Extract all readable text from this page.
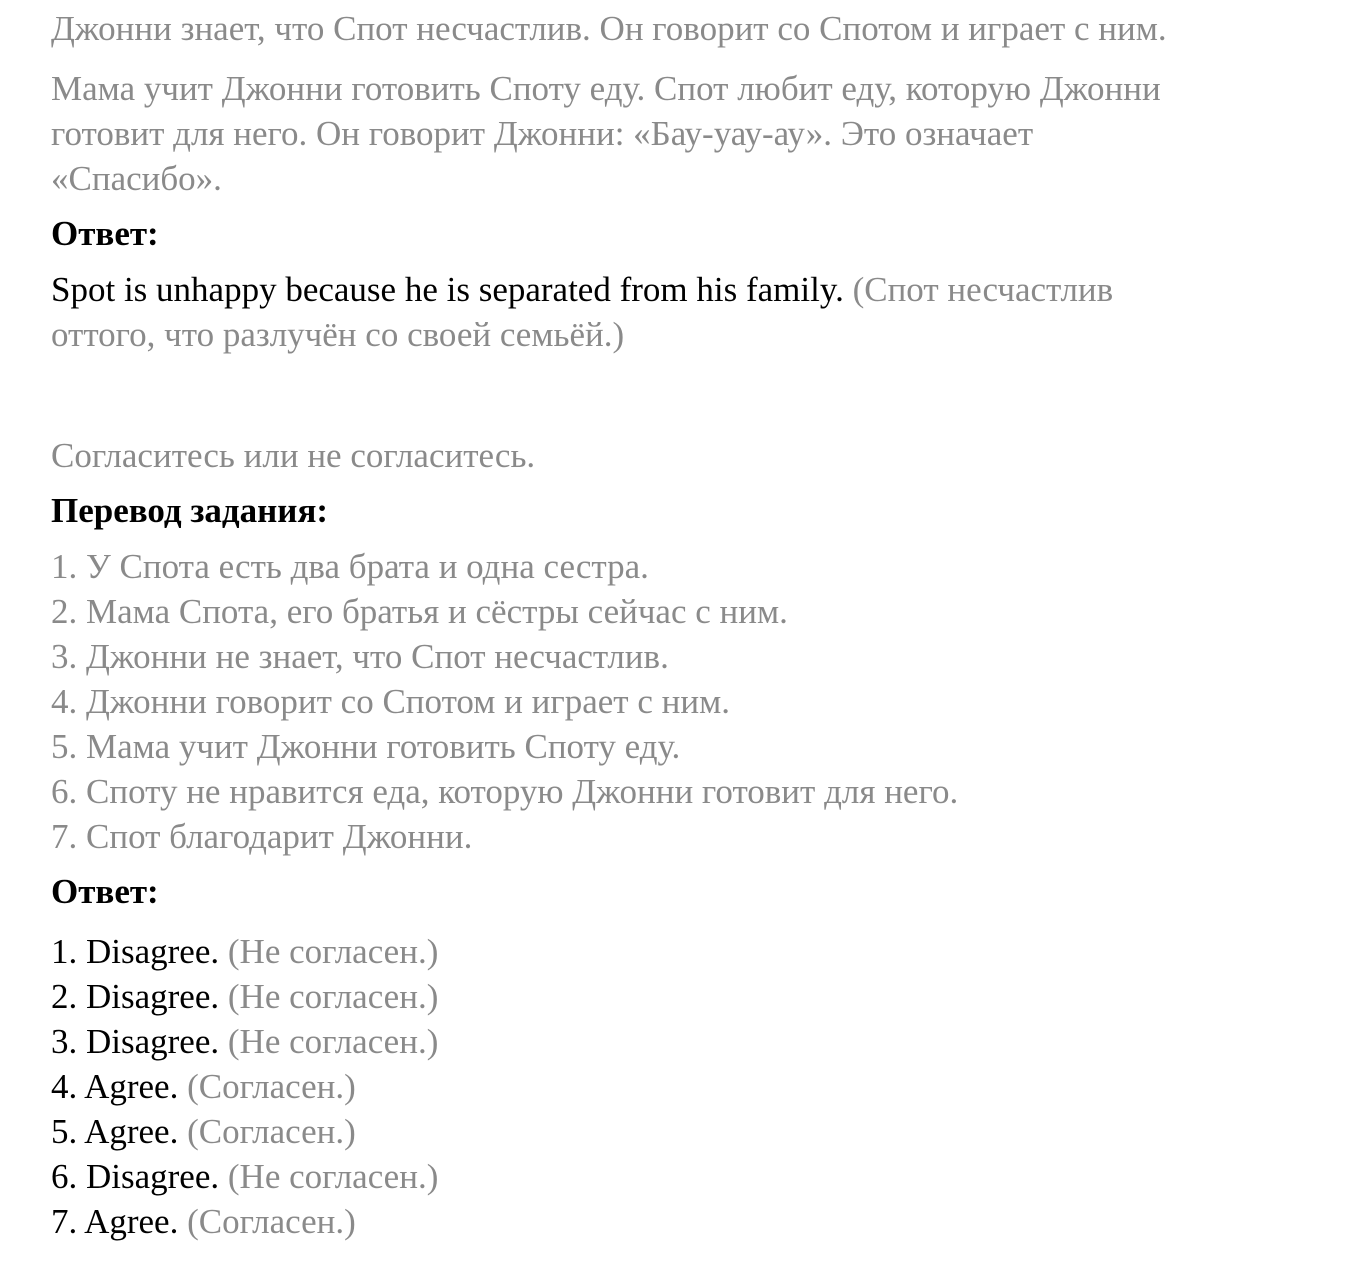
Джонни знает, что Спот несчастлив. Он говорит со Спотом и играет с ним.

Мама учит Джонни готовить Споту еду. Спот любит еду, которую Джонни
готовит для него. Он говорит Джонни: «Бау-уау-ау». Это означает
«Спасибо».
Ответ:
Spot is unhappy because he is separated from his family. (Спот несчастлив
оттого, что разлучён со своей семьёй.)

Согласитесь или не согласитесь.

Перевод задания:
1. У Спота есть два брата и одна сестра.
2. Мама Спота, его братья и сёстры сейчас с ним.
3. Джонни не знает, что Спот несчастлив.
4. Джонни говорит со Спотом и играет с ним.
5. Мама учит Джонни готовить Споту еду.
6. Споту не нравится еда, которую Джонни готовит для него.
7. Спот благодарит Джонни.
Ответ:
1. Disagree. (Не согласен.)
2. Disagree. (Не согласен.)
3. Disagree. (Не согласен.)
4. Agree. (Согласен.)
5. Agree. (Согласен.)
6. Disagree. (Не согласен.)
7. Agree. (Согласен.)
